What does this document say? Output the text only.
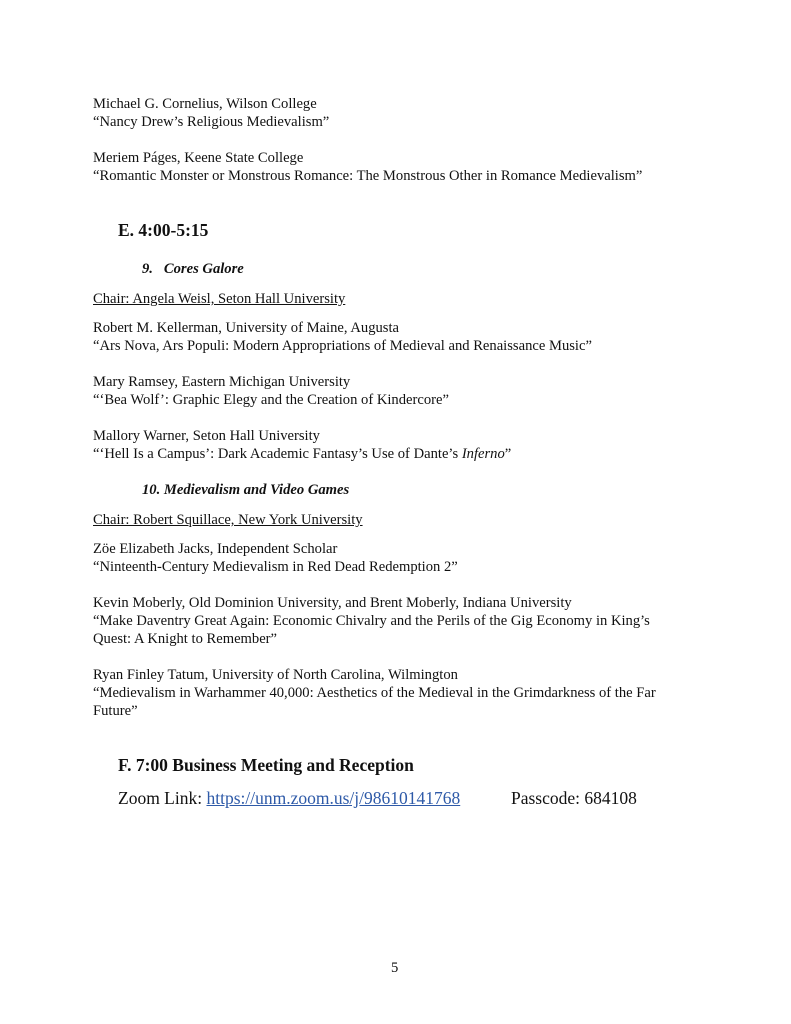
Michael G. Cornelius, Wilson College
“Nancy Drew’s Religious Medievalism”
Meriem Páges, Keene State College
“Romantic Monster or Monstrous Romance: The Monstrous Other in Romance Medievalism”
E. 4:00-5:15
9. Cores Galore
Chair: Angela Weisl, Seton Hall University
Robert M. Kellerman, University of Maine, Augusta
“Ars Nova, Ars Populi: Modern Appropriations of Medieval and Renaissance Music”
Mary Ramsey, Eastern Michigan University
“‘Bea Wolf’: Graphic Elegy and the Creation of Kindercore”
Mallory Warner, Seton Hall University
“‘Hell Is a Campus’: Dark Academic Fantasy’s Use of Dante’s Inferno”
10. Medievalism and Video Games
Chair: Robert Squillace, New York University
Zöe Elizabeth Jacks, Independent Scholar
“Ninteenth-Century Medievalism in Red Dead Redemption 2”
Kevin Moberly, Old Dominion University, and Brent Moberly, Indiana University
“Make Daventry Great Again: Economic Chivalry and the Perils of the Gig Economy in King’s
Quest: A Knight to Remember”
Ryan Finley Tatum, University of North Carolina, Wilmington
“Medievalism in Warhammer 40,000: Aesthetics of the Medieval in the Grimdarkness of the Far
Future”
F. 7:00 Business Meeting and Reception
Zoom Link: https://unm.zoom.us/j/98610141768	Passcode: 684108
5
